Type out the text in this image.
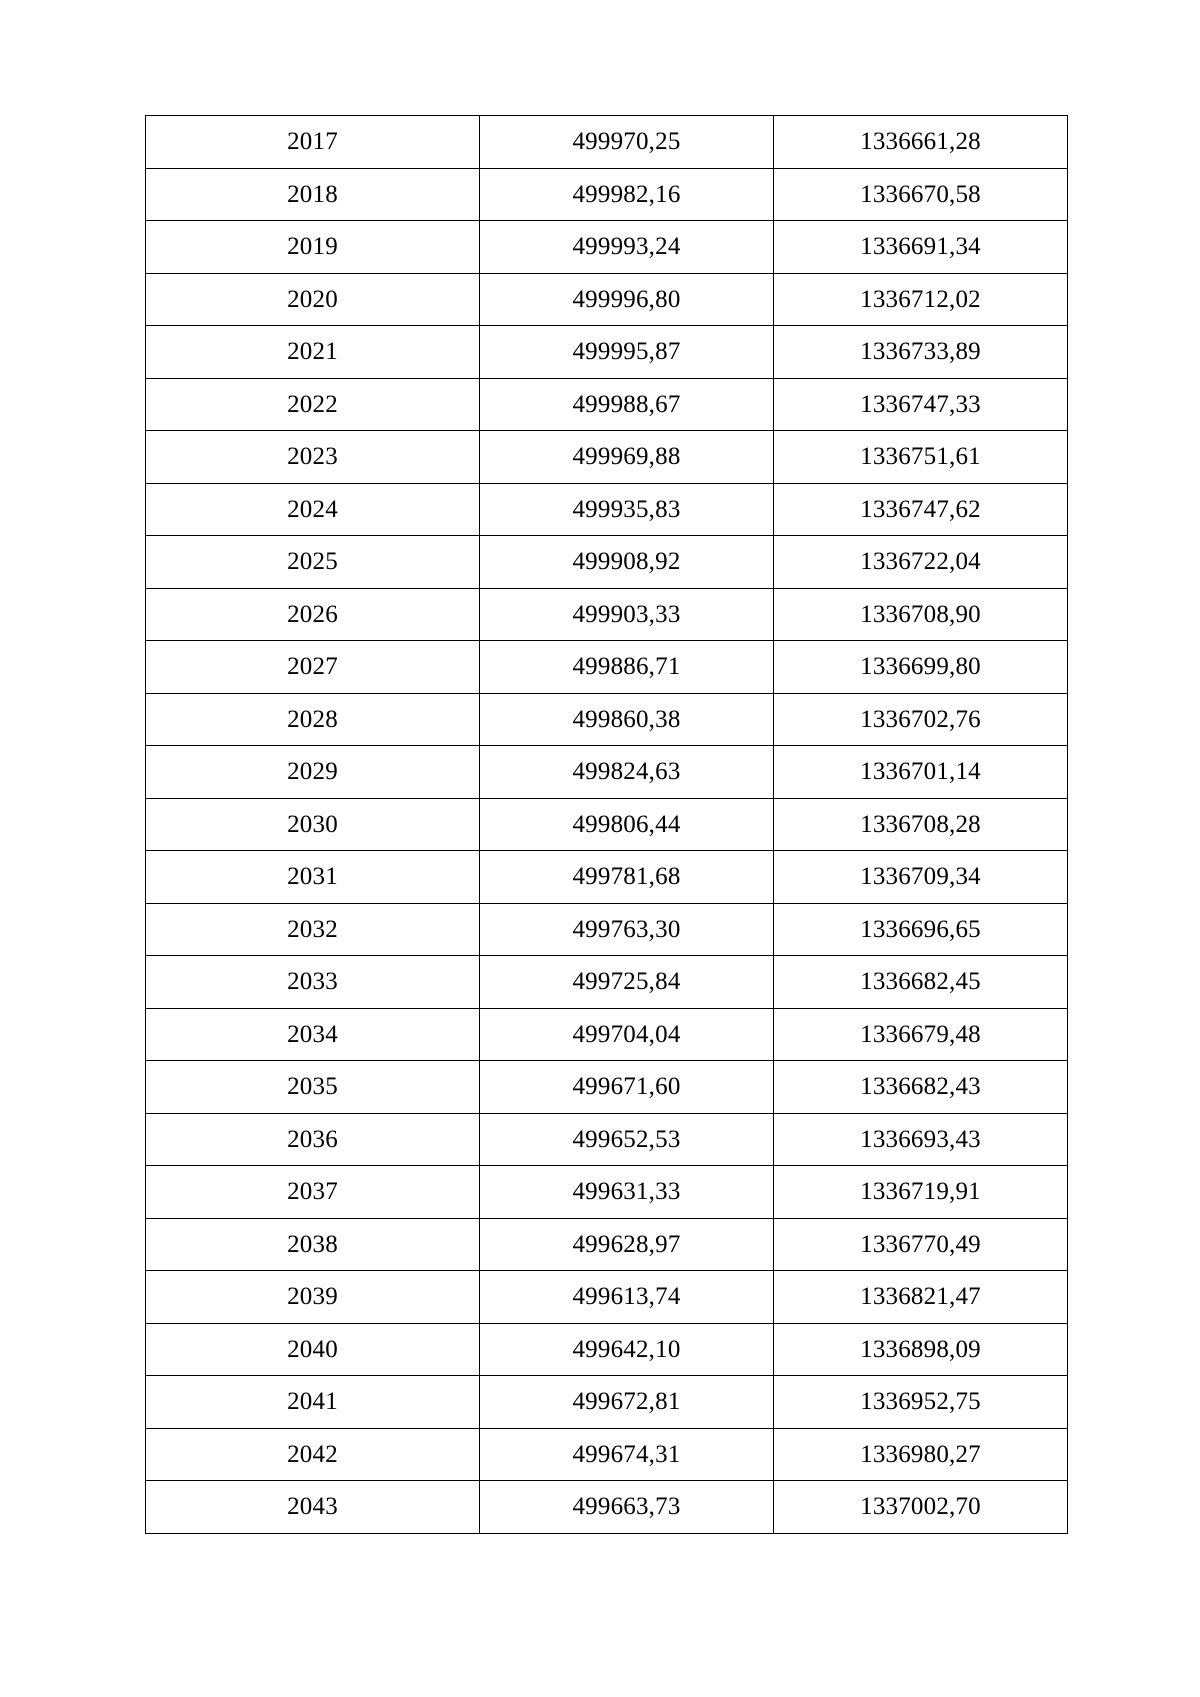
2017	499970,25	1336661,28
2018	499982,16	1336670,58
2019	499993,24	1336691,34
2020	499996,80	1336712,02
2021	499995,87	1336733,89
2022	499988,67	1336747,33
2023	499969,88	1336751,61
2024	499935,83	1336747,62
2025	499908,92	1336722,04
2026	499903,33	1336708,90
2027	499886,71	1336699,80
2028	499860,38	1336702,76
2029	499824,63	1336701,14
2030	499806,44	1336708,28
2031	499781,68	1336709,34
2032	499763,30	1336696,65
2033	499725,84	1336682,45
2034	499704,04	1336679,48
2035	499671,60	1336682,43
2036	499652,53	1336693,43
2037	499631,33	1336719,91
2038	499628,97	1336770,49
2039	499613,74	1336821,47
2040	499642,10	1336898,09
2041	499672,81	1336952,75
2042	499674,31	1336980,27
2043	499663,73	1337002,70
